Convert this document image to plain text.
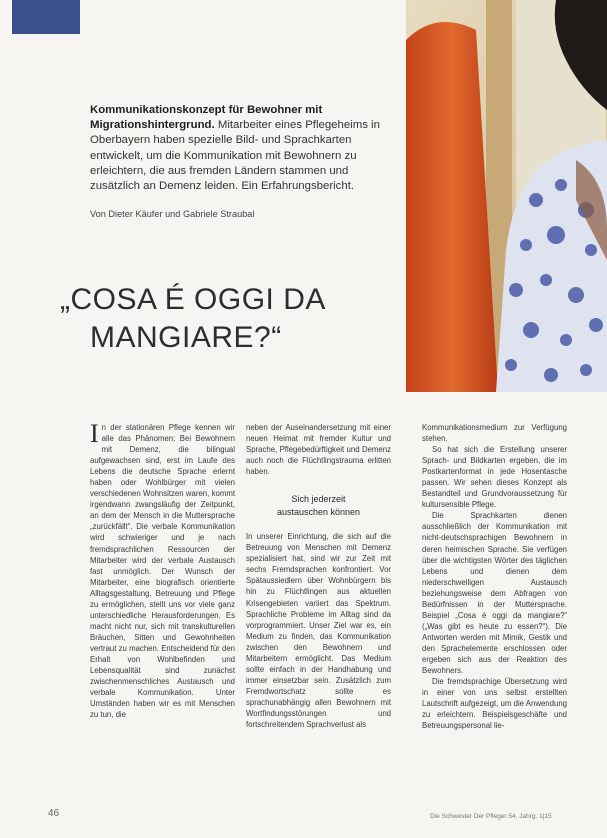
Kommunikationskonzept für Bewohner mit Migrationshintergrund. Mitarbeiter eines Pflegeheims in Oberbayern haben spezielle Bild- und Sprachkarten entwickelt, um die Kommunikation mit Bewohnern zu erleichtern, die aus fremden Ländern stammen und zusätzlich an Demenz leiden. Ein Erfahrungsbericht.
Von Dieter Käufer und Gabriele Straubal
„COSA É OGGI DA
MANGIARE?“

In der stationären Pflege kennen wir alle das Phänomen: Bei Bewohnern mit Demenz, die bilingual aufgewachsen sind, erst im Laufe des Lebens die deutsche Sprache erlernt haben oder Wohlbürger mit vielen verschiedenen Wohnsitzen waren, kommt irgendwann zwangsläufig der Zeitpunkt, an dem der Mensch in die Muttersprache „zurückfällt“. Die verbale Kommunikation wird schwieriger und je nach fremdsprachlichen Ressourcen der Mitarbeiter wird der verbale Austausch fast unmöglich. Der Wunsch der Mitarbeiter, eine biografisch orientierte Alltagsgestaltung, Betreuung und Pflege zu ermöglichen, stellt uns vor viele ganz unterschiedliche Herausforderungen. Es macht nicht nur, sich mit transkulturellen Bräuchen, Sitten und Gewohnheiten vertraut zu machen. Entscheidend für den Erhalt von Wohlbefinden und Lebensqualität sind zunächst zwischenmenschliches Austausch und verbale Kommunikation. Unter Umständen haben wir es mit Menschen zu tun, die

neben der Auseinandersetzung mit einer neuen Heimat mit fremder Kultur und Sprache, Pflegebedürftigkeit und Demenz auch noch die Flüchtlingstrauma erlitten haben.

Sich jederzeit
austauschen können

In unserer Einrichtung, die sich auf die Betreuung von Menschen mit Demenz spezialisiert hat, sind wir zur Zeit mit sechs Fremdsprachen konfrontiert. Vor Spätaussiedlern über Wohnbürgern bis hin zu Flüchtlingen aus aktuellen Krisengebieten variiert das Spektrum. Sprachliche Probleme im Alltag sind da vorprogrammiert. Unser Ziel war es, ein Medium zu finden, das Kommunikation zwischen den Bewohnern und Mitarbeitern ermöglicht. Das Medium sollte einfach in der Handhabung und immer einsetzbar sein. Zusätzlich zum Fremdwortschatz sollte es sprachunabhängig allen Bewohnern mit Wortfindungsstörungen und fortschreitendem Sprachverlust als

Kommunikationsmedium zur Verfügung stehen.

So hat sich die Erstellung unserer Sprach- und Bildkarten ergeben, die im Postkartenformat in jede Hosentasche passen. Wir sehen dieses Konzept als Bestandteil und Grundvoraussetzung für kultursensible Pflege.

Die Sprachkarten dienen ausschließlich der Kommunikation mit nicht-deutschsprachigen Bewohnern in deren heimischen Sprache. Sie verfügen über die wichtigsten Wörter des täglichen Lebens und dienen dem niederschwelligen Austausch beziehungsweise dem Abfragen von Bedürfnissen in der Muttersprache. Beispiel „Cosa é oggi da mangiare?“ („Was gibt es heute zu essen?“). Die Antworten werden mit Mimik, Gestik und den Sprachelemente erschlossen oder ergeben sich aus der Reaktion des Bewohners.

Die fremdsprachige Übersetzung wird in einer von uns selbst erstellten Lautschrift aufgezeigt, um die Anwendung zu erleichtern. Beispielsgeschäfte und Betreuungspersonal lie-

46	Die Schwester Der Pfleger 54. Jahrg. 1|15
